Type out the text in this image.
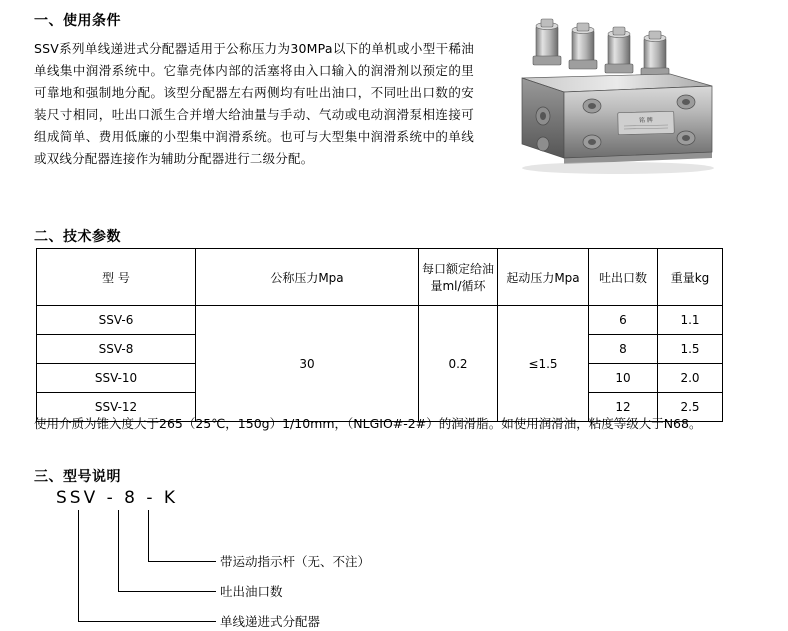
一、使用条件

SSV系列单线递进式分配器适用于公称压力为30MPa以下的单机或小型干稀油单线集中润滑系统中。它靠壳体内部的活塞将由入口输入的润滑剂以预定的里可靠地和强制地分配。该型分配器左右两侧均有吐出油口，不同吐出口数的安装尺寸相同，吐出口派生合并增大给油量与手动、气动或电动润滑泵相连接可组成简单、费用低廉的小型集中润滑系统。也可与大型集中润滑系统中的单线或双线分配器连接作为辅助分配器进行二级分配。

铭 牌
二、技术参数
型 号	公称压力Mpa	每口额定给油量ml/循环	起动压力Mpa	吐出口数	重量kg
SSV-6	30	0.2	≤1.5	6	1.1
SSV-8				8	1.5
SSV-10				10	2.0
SSV-12				12	2.5
使用介质为锥入度大于265（25℃，150g）1/10mm，（NLGIO#-2#）的润滑脂。如使用润滑油，粘度等级大于N68。
三、型号说明
SSV - 8 - K
带运动指示杆（无、不注）
吐出油口数
单线递进式分配器
